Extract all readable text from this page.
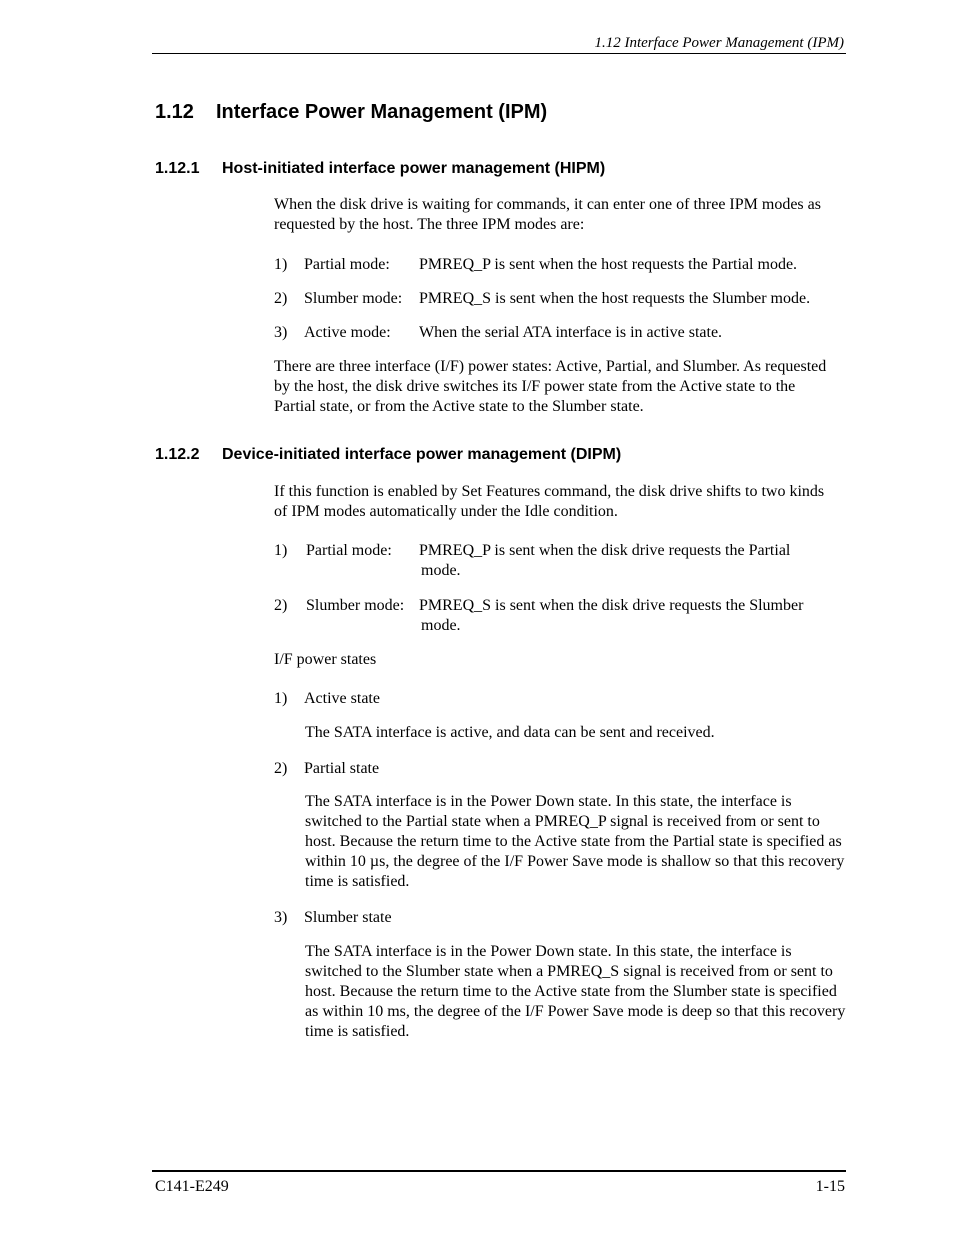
1.12 Interface Power Management (IPM)
1.12 Interface Power Management (IPM)
1.12.1 Host-initiated interface power management (HIPM)
When the disk drive is waiting for commands, it can enter one of three IPM modes as requested by the host. The three IPM modes are:
1) Partial mode: PMREQ_P is sent when the host requests the Partial mode.
2) Slumber mode: PMREQ_S is sent when the host requests the Slumber mode.
3) Active mode: When the serial ATA interface is in active state.
There are three interface (I/F) power states: Active, Partial, and Slumber. As requested by the host, the disk drive switches its I/F power state from the Active state to the Partial state, or from the Active state to the Slumber state.
1.12.2 Device-initiated interface power management (DIPM)
If this function is enabled by Set Features command, the disk drive shifts to two kinds of IPM modes automatically under the Idle condition.
1) Partial mode: PMREQ_P is sent when the disk drive requests the Partial
mode.
2) Slumber mode: PMREQ_S is sent when the disk drive requests the Slumber
mode.
I/F power states
1) Active state
The SATA interface is active, and data can be sent and received.
2) Partial state
The SATA interface is in the Power Down state. In this state, the interface is switched to the Partial state when a PMREQ_P signal is received from or sent to host. Because the return time to the Active state from the Partial state is specified as within 10 µs, the degree of the I/F Power Save mode is shallow so that this recovery time is satisfied.
3) Slumber state
The SATA interface is in the Power Down state. In this state, the interface is switched to the Slumber state when a PMREQ_S signal is received from or sent to host. Because the return time to the Active state from the Slumber state is specified as within 10 ms, the degree of the I/F Power Save mode is deep so that this recovery time is satisfied.
C141-E249	1-15
